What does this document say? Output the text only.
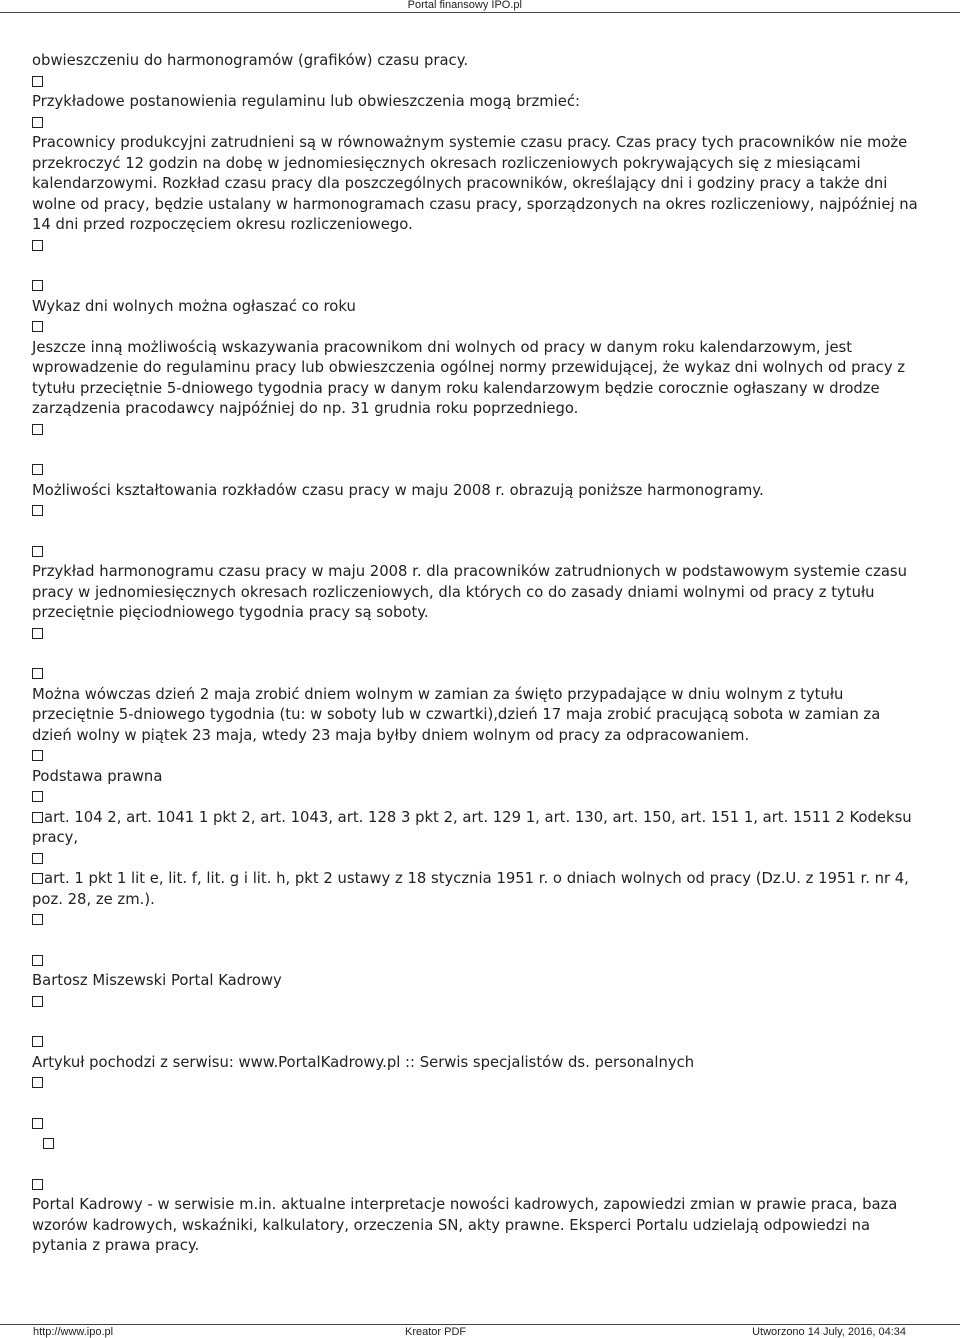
Portal finansowy IPO.pl

obwieszczeniu do harmonogramów (grafików) czasu pracy.

Przykładowe postanowienia regulaminu lub obwieszczenia mogą brzmieć:

Pracownicy produkcyjni zatrudnieni są w równoważnym systemie czasu pracy. Czas pracy tych pracowników nie może przekroczyć 12 godzin na dobę w jednomiesięcznych okresach rozliczeniowych pokrywających się z miesiącami kalendarzowymi. Rozkład czasu pracy dla poszczególnych pracowników, określający dni i godziny pracy a także dni wolne od pracy, będzie ustalany w harmonogramach czasu pracy, sporządzonych na okres rozliczeniowy, najpóźniej na 14 dni przed rozpoczęciem okresu rozliczeniowego.

Wykaz dni wolnych można ogłaszać co roku

Jeszcze inną możliwością wskazywania pracownikom dni wolnych od pracy w danym roku kalendarzowym, jest wprowadzenie do regulaminu pracy lub obwieszczenia ogólnej normy przewidującej, że wykaz dni wolnych od pracy z tytułu przeciętnie 5-dniowego tygodnia pracy w danym roku kalendarzowym będzie corocznie ogłaszany w drodze zarządzenia pracodawcy najpóźniej do np. 31 grudnia roku poprzedniego.

Możliwości kształtowania rozkładów czasu pracy w maju 2008 r. obrazują poniższe harmonogramy.

Przykład harmonogramu czasu pracy w maju 2008 r. dla pracowników zatrudnionych w podstawowym systemie czasu pracy w jednomiesięcznych okresach rozliczeniowych, dla których co do zasady dniami wolnymi od pracy z tytułu przeciętnie pięciodniowego tygodnia pracy są soboty.

Można wówczas dzień 2 maja zrobić dniem wolnym w zamian za święto przypadające w dniu wolnym z tytułu przeciętnie 5-dniowego tygodnia (tu: w soboty lub w czwartki),dzień 17 maja zrobić pracującą sobota w zamian za dzień wolny w piątek 23 maja, wtedy 23 maja byłby dniem wolnym od pracy za odpracowaniem.

Podstawa prawna

art. 104 2, art. 1041 1 pkt 2, art. 1043, art. 128 3 pkt 2, art. 129 1, art. 130, art. 150, art. 151 1, art. 1511 2 Kodeksu pracy,

art. 1 pkt 1 lit e, lit. f, lit. g i lit. h, pkt 2 ustawy z 18 stycznia 1951 r. o dniach wolnych od pracy (Dz.U. z 1951 r. nr 4, poz. 28, ze zm.).

Bartosz Miszewski Portal Kadrowy

Artykuł pochodzi z serwisu: www.PortalKadrowy.pl :: Serwis specjalistów ds. personalnych

Portal Kadrowy - w serwisie m.in. aktualne interpretacje nowości kadrowych, zapowiedzi zmian w prawie praca, baza wzorów kadrowych, wskaźniki, kalkulatory, orzeczenia SN, akty prawne. Eksperci Portalu udzielają odpowiedzi na pytania z prawa pracy.

http://www.ipo.pl	Kreator PDF	Utworzono 14 July, 2016, 04:34
